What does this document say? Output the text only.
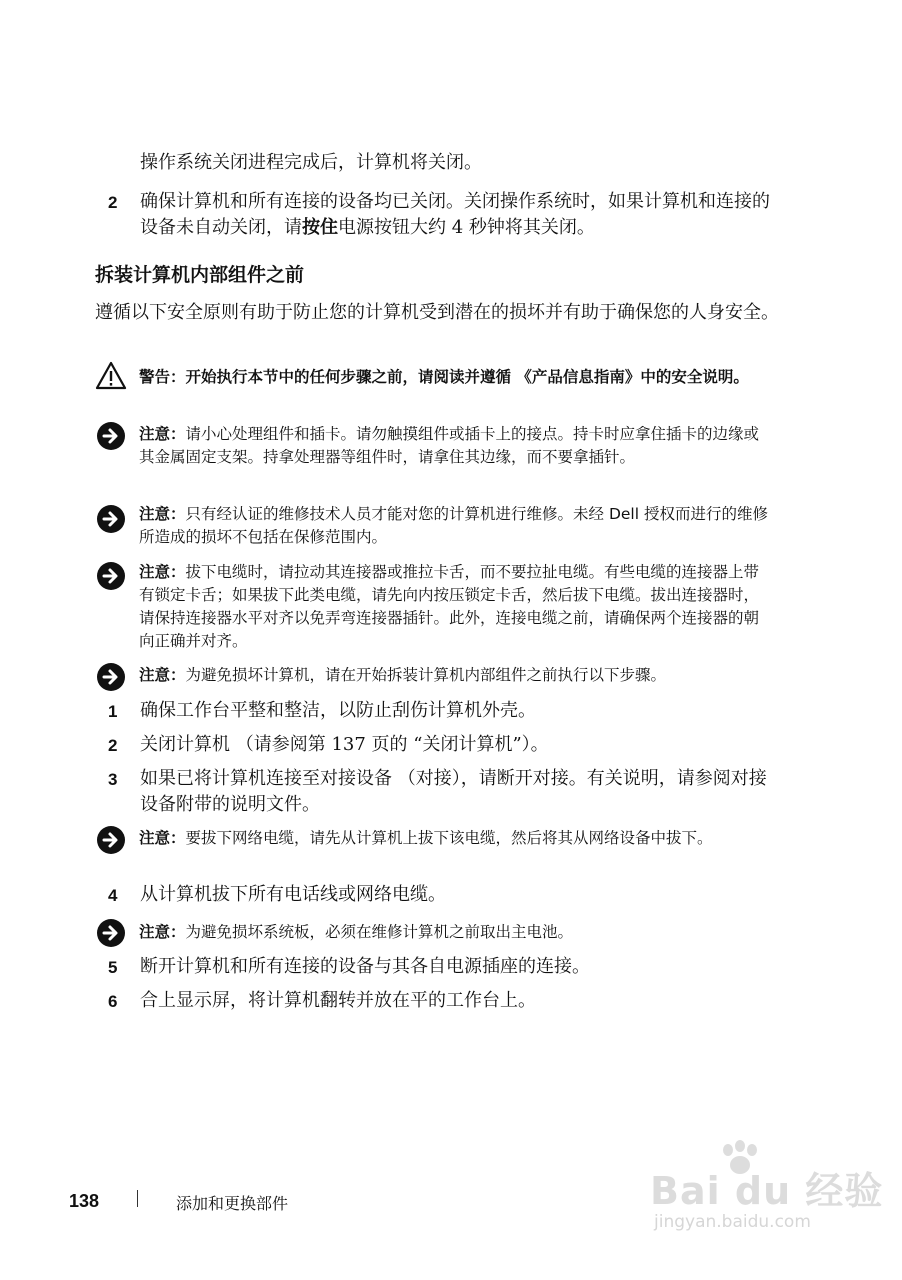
操作系统关闭进程完成后，计算机将关闭。
2	确保计算机和所有连接的设备均已关闭。关闭操作系统时，如果计算机和连接的设备未自动关闭，请按住电源按钮大约 4 秒钟将其关闭。
拆装计算机内部组件之前
遵循以下安全原则有助于防止您的计算机受到潜在的损坏并有助于确保您的人身安全。
警告：开始执行本节中的任何步骤之前，请阅读并遵循 《产品信息指南》中的安全说明。
注意：请小心处理组件和插卡。请勿触摸组件或插卡上的接点。持卡时应拿住插卡的边缘或其金属固定支架。持拿处理器等组件时，请拿住其边缘，而不要拿插针。
注意：只有经认证的维修技术人员才能对您的计算机进行维修。未经 Dell 授权而进行的维修所造成的损坏不包括在保修范围内。
注意：拔下电缆时，请拉动其连接器或推拉卡舌，而不要拉扯电缆。有些电缆的连接器上带有锁定卡舌；如果拔下此类电缆，请先向内按压锁定卡舌，然后拔下电缆。拔出连接器时，请保持连接器水平对齐以免弄弯连接器插针。此外，连接电缆之前，请确保两个连接器的朝向正确并对齐。
注意：为避免损坏计算机，请在开始拆装计算机内部组件之前执行以下步骤。
1	确保工作台平整和整洁，以防止刮伤计算机外壳。
2	关闭计算机 （请参阅第 137 页的 “关闭计算机”）。
3	如果已将计算机连接至对接设备 （对接），请断开对接。有关说明，请参阅对接设备附带的说明文件。
注意：要拔下网络电缆，请先从计算机上拔下该电缆，然后将其从网络设备中拔下。
4	从计算机拔下所有电话线或网络电缆。
注意：为避免损坏系统板，必须在维修计算机之前取出主电池。
5	断开计算机和所有连接的设备与其各自电源插座的连接。
6	合上显示屏，将计算机翻转并放在平的工作台上。
138	添加和更换部件	Bai du 经验
jingyan.baidu.com
